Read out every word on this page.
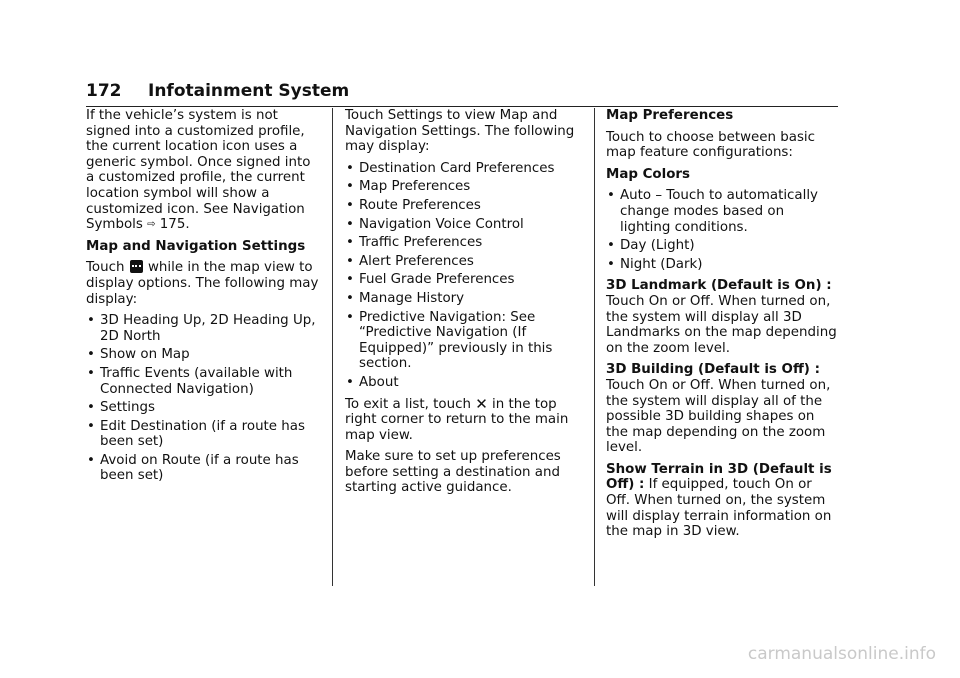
172 Infotainment System

If the vehicle’s system is not signed into a customized profile, the current location icon uses a generic symbol. Once signed into a customized profile, the current location symbol will show a customized icon. See Navigation Symbols ⇨ 175.

Map and Navigation Settings

Touch while in the map view to display options. The following may display:

• 3D Heading Up, 2D Heading Up, 2D North
• Show on Map
• Traffic Events (available with Connected Navigation)
• Settings
• Edit Destination (if a route has been set)
• Avoid on Route (if a route has been set)

Touch Settings to view Map and Navigation Settings. The following may display:

• Destination Card Preferences
• Map Preferences
• Route Preferences
• Navigation Voice Control
• Traffic Preferences
• Alert Preferences
• Fuel Grade Preferences
• Manage History
• Predictive Navigation: See “Predictive Navigation (If Equipped)” previously in this section.
• About

To exit a list, touch ✕ in the top right corner to return to the main map view.

Make sure to set up preferences before setting a destination and starting active guidance.

Map Preferences

Touch to choose between basic map feature configurations:

Map Colors

• Auto – Touch to automatically change modes based on lighting conditions.
• Day (Light)
• Night (Dark)

3D Landmark (Default is On) : Touch On or Off. When turned on, the system will display all 3D Landmarks on the map depending on the zoom level.

3D Building (Default is Off) : Touch On or Off. When turned on, the system will display all of the possible 3D building shapes on the map depending on the zoom level.

Show Terrain in 3D (Default is Off) : If equipped, touch On or Off. When turned on, the system will display terrain information on the map in 3D view.

carmanualsonline.info
